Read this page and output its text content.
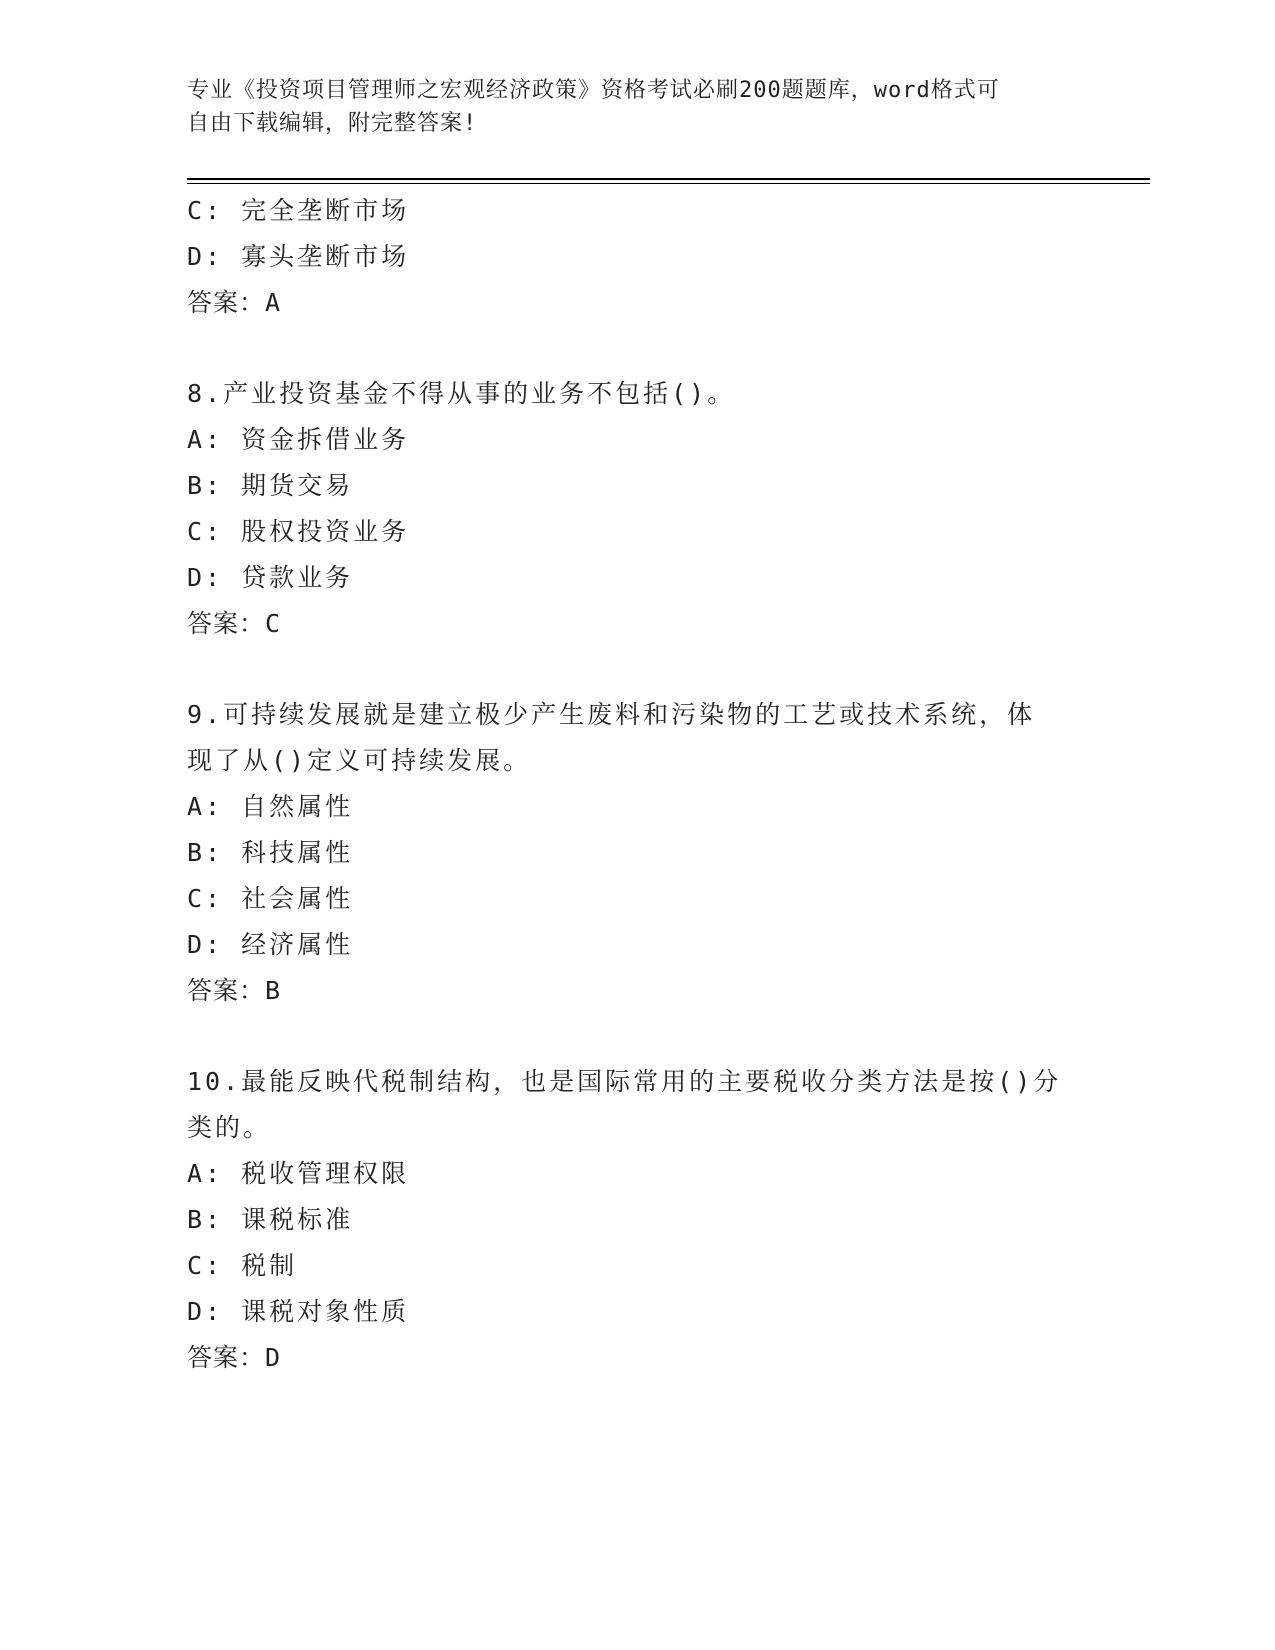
专业《投资项目管理师之宏观经济政策》资格考试必刷200题题库，word格式可
自由下载编辑，附完整答案!
C: 完全垄断市场
D: 寡头垄断市场
答案：A
8.产业投资基金不得从事的业务不包括()。
A: 资金拆借业务
B: 期货交易
C: 股权投资业务
D: 贷款业务
答案：C
9.可持续发展就是建立极少产生废料和污染物的工艺或技术系统，体
现了从()定义可持续发展。
A: 自然属性
B: 科技属性
C: 社会属性
D: 经济属性
答案：B
10.最能反映代税制结构，也是国际常用的主要税收分类方法是按()分
类的。
A: 税收管理权限
B: 课税标准
C: 税制
D: 课税对象性质
答案：D
